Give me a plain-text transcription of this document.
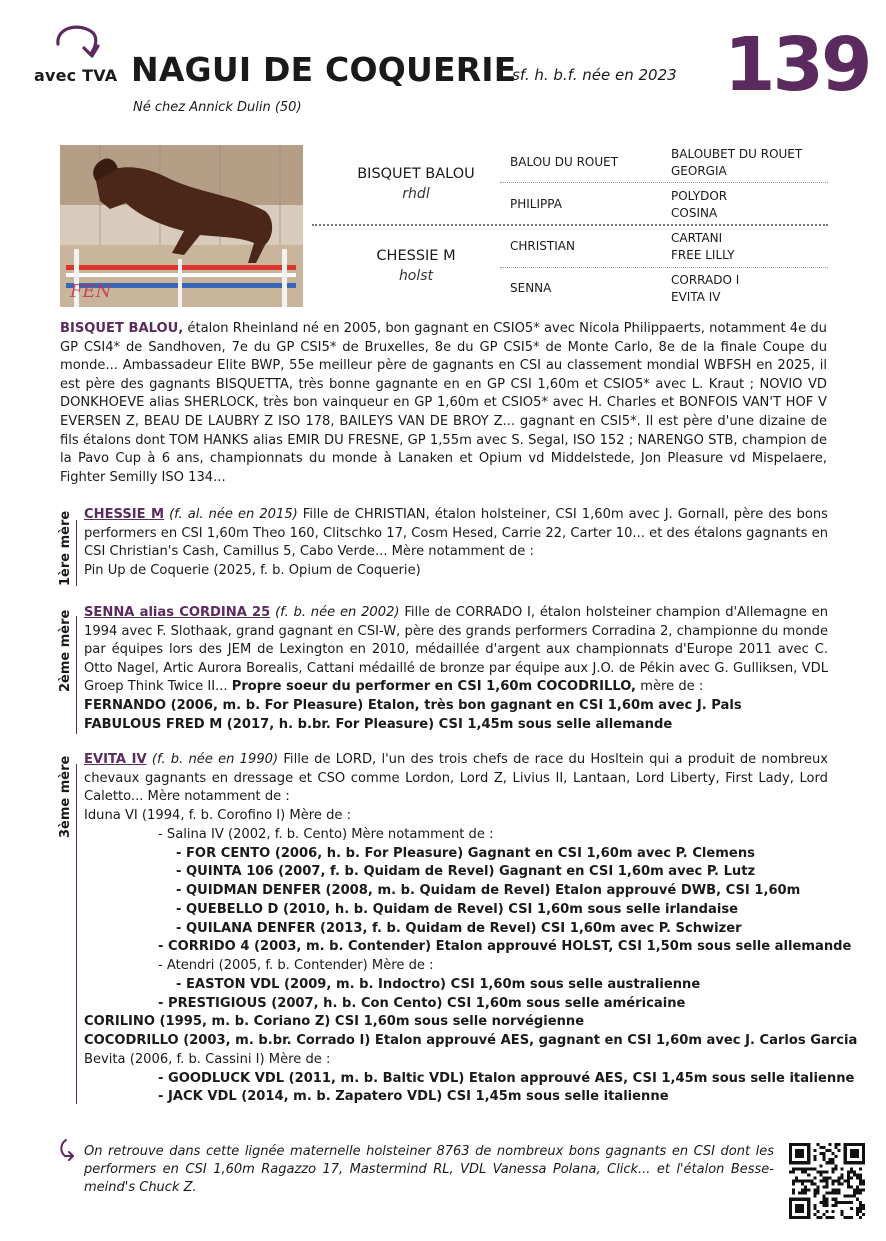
avec TVA NAGUI DE COQUERIE
sf. h. b.f. née en 2023 139
Né chez Annick Dulin (50)
FEN
BISQUET BALOU
rhdl
CHESSIE M
holst
BALOU DU ROUET
PHILIPPA
CHRISTIAN
SENNA
BALOUBET DU ROUET
GEORGIA
POLYDOR
COSINA
CARTANI
FREE LILLY
CORRADO I
EVITA IV
BISQUET BALOU, étalon Rheinland né en 2005, bon gagnant en CSIO5* avec Nicola Philippaerts, notamment 4e du GP CSI4* de Sandhoven, 7e du GP CSI5* de Bruxelles, 8e du GP CSI5* de Monte Carlo, 8e de la finale Coupe du monde... Ambassadeur Elite BWP, 55e meilleur père de gagnants en CSI au classement mondial WBFSH en 2025, il est père des gagnants BISQUETTA, très bonne gagnante en en GP CSI 1,60m et CSIO5* avec L. Kraut ; NOVIO VD DONKHOEVE alias SHERLOCK, très bon vainqueur en GP 1,60m et CSIO5* avec H. Charles et BONFOIS VAN'T HOF V EVERSEN Z, BEAU DE LAUBRY Z ISO 178, BAILEYS VAN DE BROY Z... gagnant en CSI5*. Il est père d'une dizaine de fils étalons dont TOM HANKS alias EMIR DU FRESNE, GP 1,55m avec S. Segal, ISO 152 ; NARENGO STB, champion de la Pavo Cup à 6 ans, championnats du monde à Lanaken et Opium vd Middelstede, Jon Pleasure vd Mispelaere, Fighter Semilly ISO 134...
1ère mère CHESSIE M (f. al. née en 2015) Fille de CHRISTIAN, étalon holsteiner, CSI 1,60m avec J. Gornall, père des bons performers en CSI 1,60m Theo 160, Clitschko 17, Cosm Hesed, Carrie 22, Carter 10... et des étalons gagnants en CSI Christian's Cash, Camillus 5, Cabo Verde... Mère notamment de :
Pin Up de Coquerie (2025, f. b. Opium de Coquerie)
2ème mère SENNA alias CORDINA 25 (f. b. née en 2002) Fille de CORRADO I, étalon holsteiner champion d'Allemagne en 1994 avec F. Slothaak, grand gagnant en CSI-W, père des grands performers Corradina 2, championne du monde par équipes lors des JEM de Lexington en 2010, médaillée d'argent aux championnats d'Europe 2011 avec C. Otto Nagel, Artic Aurora Borealis, Cattani médaillé de bronze par équipe aux J.O. de Pékin avec G. Gulliksen, VDL Groep Think Twice II... Propre soeur du performer en CSI 1,60m COCODRILLO, mère de :
FERNANDO (2006, m. b. For Pleasure) Etalon, très bon gagnant en CSI 1,60m avec J. Pals
FABULOUS FRED M (2017, h. b.br. For Pleasure) CSI 1,45m sous selle allemande
3ème mère EVITA IV (f. b. née en 1990) Fille de LORD, l'un des trois chefs de race du Hosltein qui a produit de nombreux chevaux gagnants en dressage et CSO comme Lordon, Lord Z, Livius II, Lantaan, Lord Liberty, First Lady, Lord Caletto... Mère notamment de :
Iduna VI (1994, f. b. Corofino I) Mère de :
- Salina IV (2002, f. b. Cento) Mère notamment de :
- FOR CENTO (2006, h. b. For Pleasure) Gagnant en CSI 1,60m avec P. Clemens
- QUINTA 106 (2007, f. b. Quidam de Revel) Gagnant en CSI 1,60m avec P. Lutz
- QUIDMAN DENFER (2008, m. b. Quidam de Revel) Etalon approuvé DWB, CSI 1,60m
- QUEBELLO D (2010, h. b. Quidam de Revel) CSI 1,60m sous selle irlandaise
- QUILANA DENFER (2013, f. b. Quidam de Revel) CSI 1,60m avec P. Schwizer
- CORRIDO 4 (2003, m. b. Contender) Etalon approuvé HOLST, CSI 1,50m sous selle allemande
- Atendri (2005, f. b. Contender) Mère de :
- EASTON VDL (2009, m. b. Indoctro) CSI 1,60m sous selle australienne
- PRESTIGIOUS (2007, h. b. Con Cento) CSI 1,60m sous selle américaine
CORILINO (1995, m. b. Coriano Z) CSI 1,60m sous selle norvégienne
COCODRILLO (2003, m. b.br. Corrado I) Etalon approuvé AES, gagnant en CSI 1,60m avec J. Carlos Garcia
Bevita (2006, f. b. Cassini I) Mère de :
- GOODLUCK VDL (2011, m. b. Baltic VDL) Etalon approuvé AES, CSI 1,45m sous selle italienne
- JACK VDL (2014, m. b. Zapatero VDL) CSI 1,45m sous selle italienne
On retrouve dans cette lignée maternelle holsteiner 8763 de nombreux bons gagnants en CSI dont les performers en CSI 1,60m Ragazzo 17, Mastermind RL, VDL Vanessa Polana, Click... et l'étalon Besse-meind's Chuck Z.
